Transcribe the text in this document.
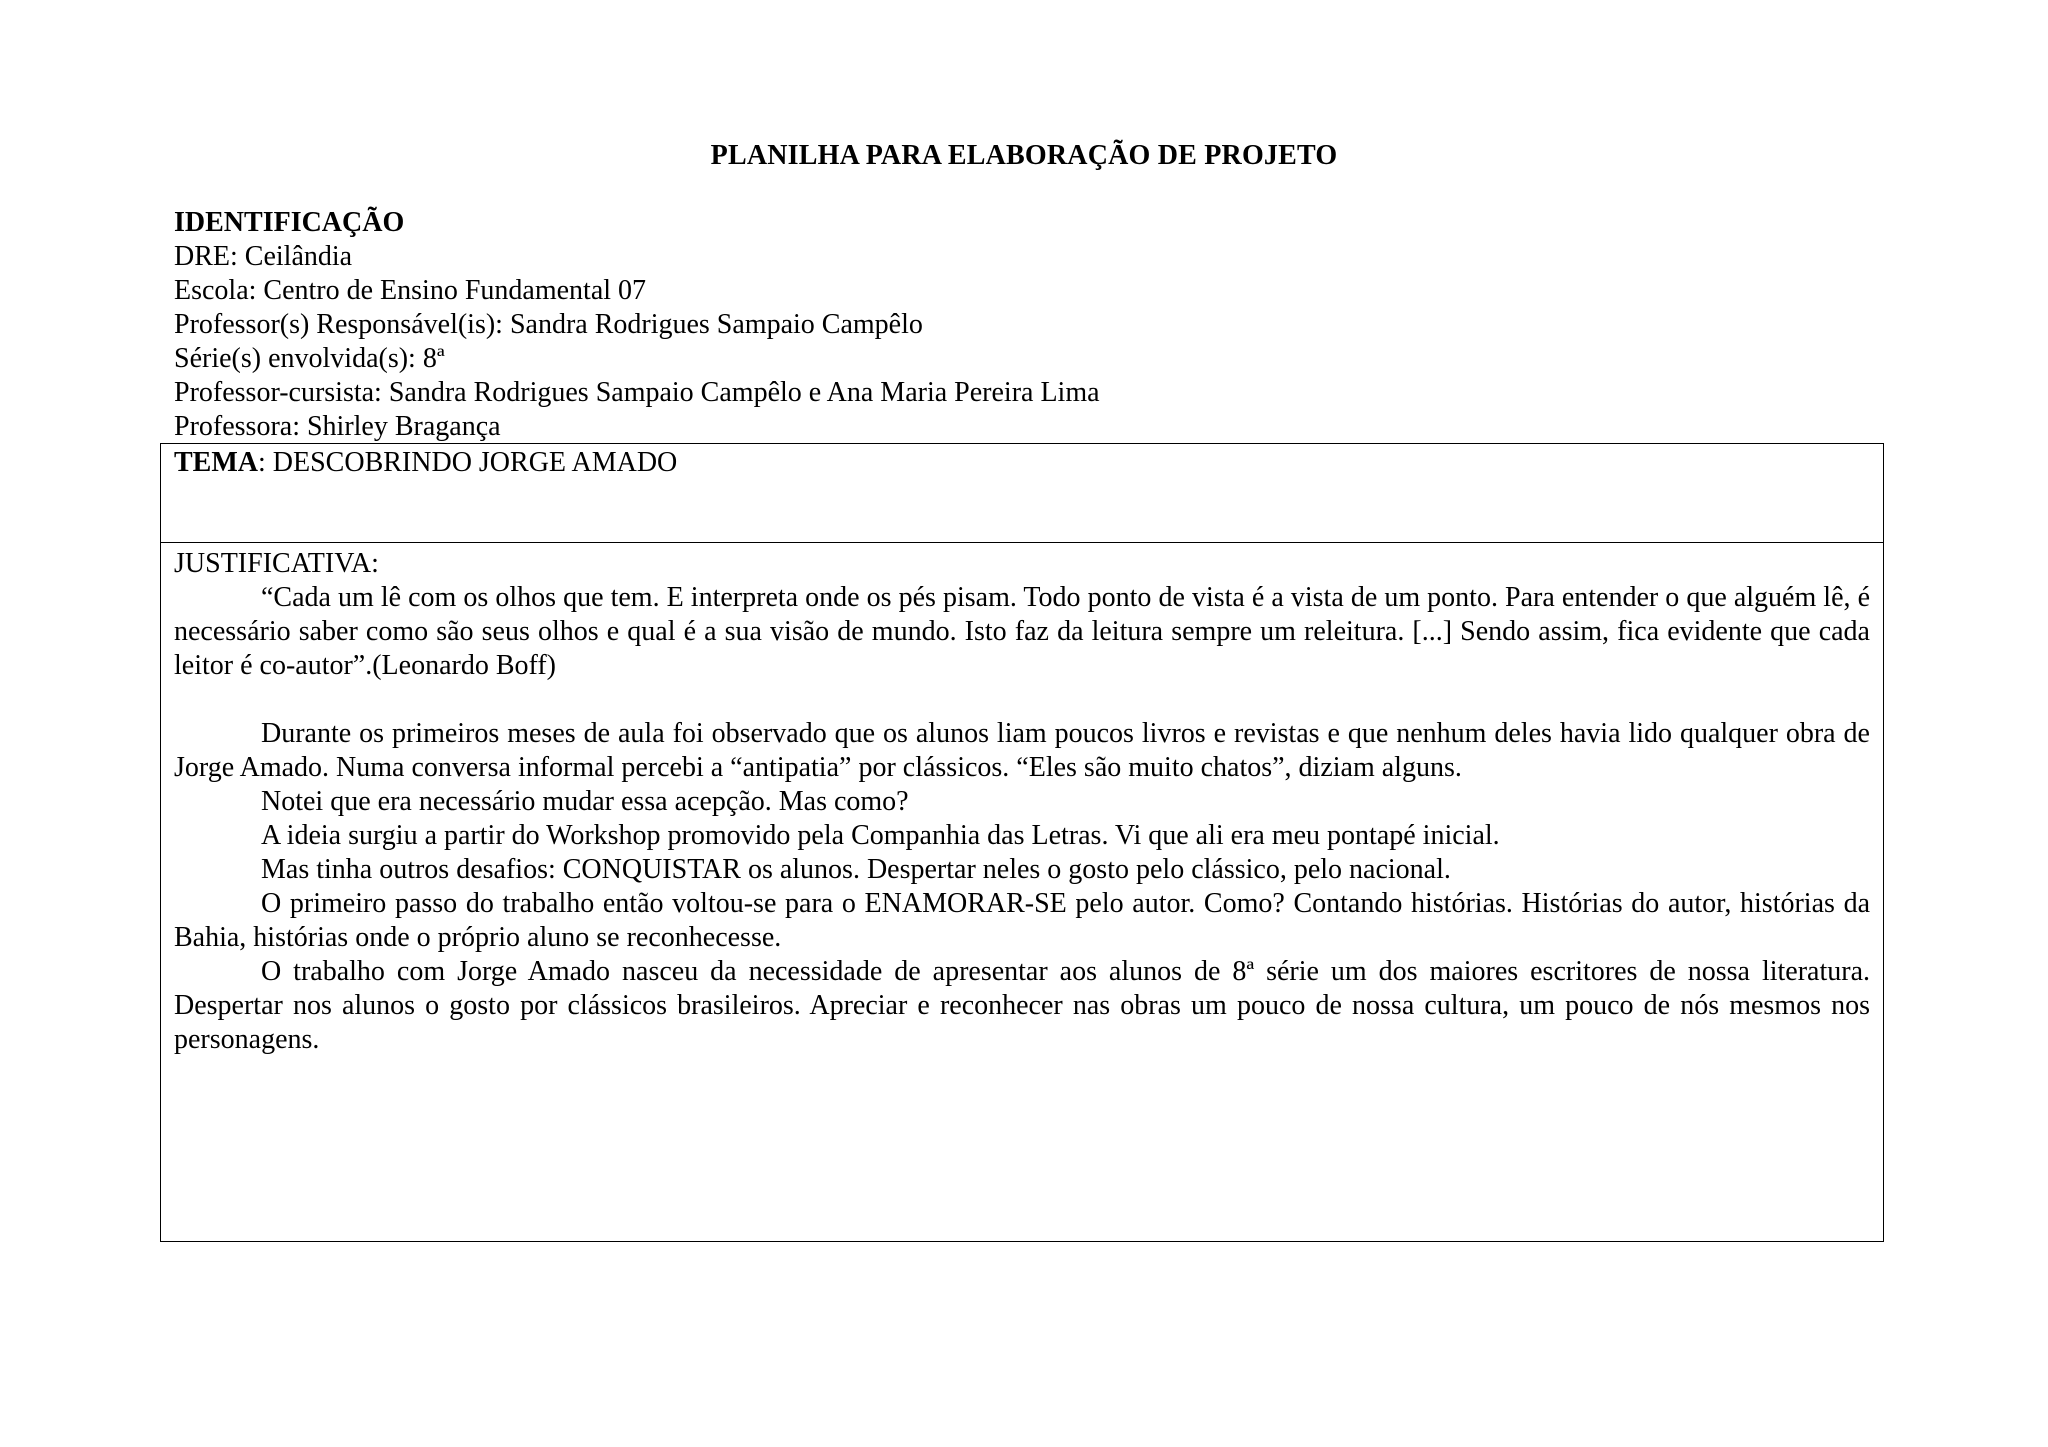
PLANILHA PARA ELABORAÇÃO DE PROJETO
IDENTIFICAÇÃO
DRE: Ceilândia
Escola: Centro de Ensino Fundamental 07
Professor(s) Responsável(is): Sandra Rodrigues Sampaio Campêlo
Série(s) envolvida(s): 8ª
Professor-cursista: Sandra Rodrigues Sampaio Campêlo e Ana Maria Pereira Lima
Professora: Shirley Bragança
TEMA: DESCOBRINDO JORGE AMADO
JUSTIFICATIVA:

“Cada um lê com os olhos que tem. E interpreta onde os pés pisam. Todo ponto de vista é a vista de um ponto. Para entender o que alguém lê, é necessário saber como são seus olhos e qual é a sua visão de mundo. Isto faz da leitura sempre um releitura. [...] Sendo assim, fica evidente que cada leitor é co-autor”.(Leonardo Boff)

Durante os primeiros meses de aula foi observado que os alunos liam poucos livros e revistas e que nenhum deles havia lido qualquer obra de Jorge Amado. Numa conversa informal percebi a “antipatia” por clássicos. “Eles são muito chatos”, diziam alguns.

Notei que era necessário mudar essa acepção. Mas como?

A ideia surgiu a partir do Workshop promovido pela Companhia das Letras. Vi que ali era meu pontapé inicial.

Mas tinha outros desafios: CONQUISTAR os alunos. Despertar neles o gosto pelo clássico, pelo nacional.

O primeiro passo do trabalho então voltou-se para o ENAMORAR-SE pelo autor. Como? Contando histórias. Histórias do autor, histórias da Bahia, histórias onde o próprio aluno se reconhecesse.

O trabalho com Jorge Amado nasceu da necessidade de apresentar aos alunos de 8ª série um dos maiores escritores de nossa literatura. Despertar nos alunos o gosto por clássicos brasileiros. Apreciar e reconhecer nas obras um pouco de nossa cultura, um pouco de nós mesmos nos personagens.
